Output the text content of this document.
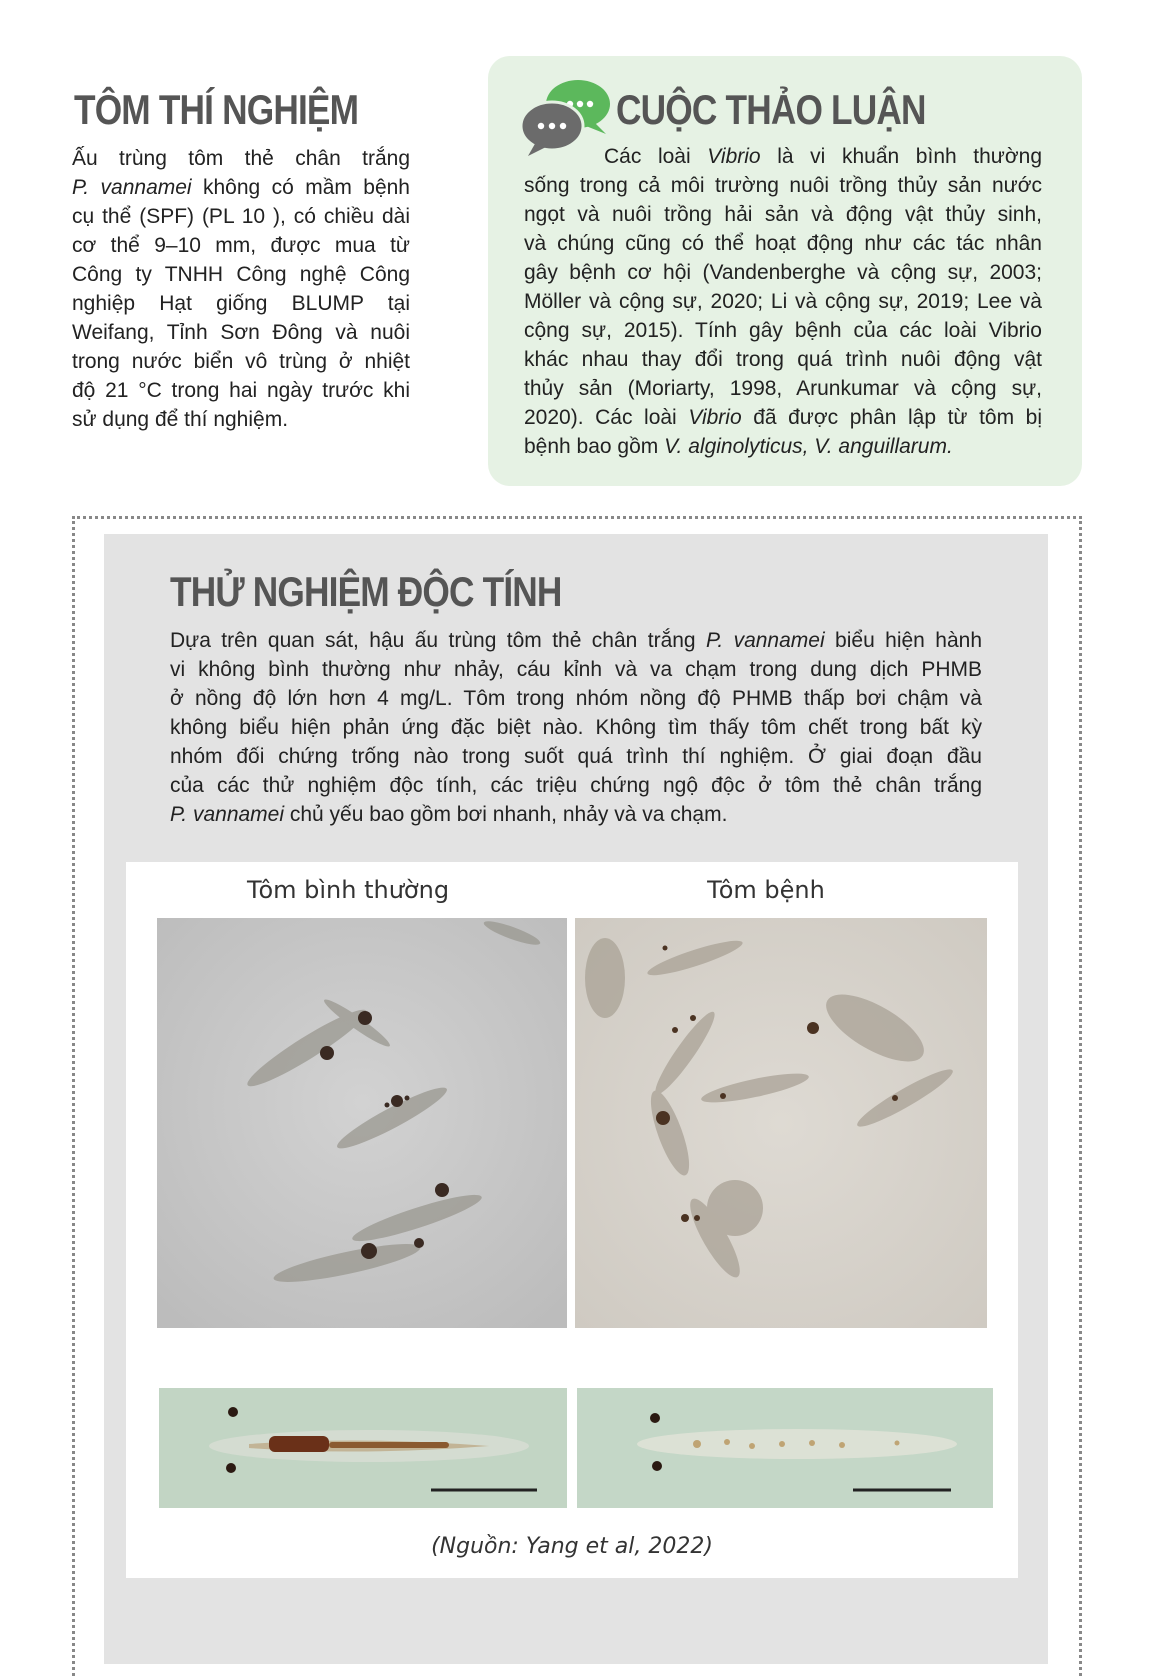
TÔM THÍ NGHIỆM

Ấu trùng tôm thẻ chân trắng
P. vannamei không có mầm bệnh
cụ thể (SPF) (PL 10 ), có chiều dài
cơ thể 9–10 mm, được mua từ
Công ty TNHH Công nghệ Công
nghiệp Hạt giống BLUMP tại
Weifang, Tỉnh Sơn Đông và nuôi
trong nước biển vô trùng ở nhiệt
độ 21 °C trong hai ngày trước khi
sử dụng để thí nghiệm.

CUỘC THẢO LUẬN

Các loài Vibrio là vi khuẩn bình thường
sống trong cả môi trường nuôi trồng thủy sản nước
ngọt và nuôi trồng hải sản và động vật thủy sinh,
và chúng cũng có thể hoạt động như các tác nhân
gây bệnh cơ hội (Vandenberghe và cộng sự, 2003;
Möller và cộng sự, 2020; Li và cộng sự, 2019; Lee và
cộng sự, 2015). Tính gây bệnh của các loài Vibrio
khác nhau thay đổi trong quá trình nuôi động vật
thủy sản (Moriarty, 1998, Arunkumar và cộng sự,
2020). Các loài Vibrio đã được phân lập từ tôm bị
bệnh bao gồm V. alginolyticus, V. anguillarum.

THỬ NGHIỆM ĐỘC TÍNH

Dựa trên quan sát, hậu ấu trùng tôm thẻ chân trắng P. vannamei biểu hiện hành
vi không bình thường như nhảy, cáu kỉnh và va chạm trong dung dịch PHMB
ở nồng độ lớn hơn 4 mg/L. Tôm trong nhóm nồng độ PHMB thấp bơi chậm và
không biểu hiện phản ứng đặc biệt nào. Không tìm thấy tôm chết trong bất kỳ
nhóm đối chứng trống nào trong suốt quá trình thí nghiệm. Ở giai đoạn đầu
của các thử nghiệm độc tính, các triệu chứng ngộ độc ở tôm thẻ chân trắng
P. vannamei chủ yếu bao gồm bơi nhanh, nhảy và va chạm.

Tôm bình thường	Tôm bệnh
(Nguồn: Yang et al, 2022)
